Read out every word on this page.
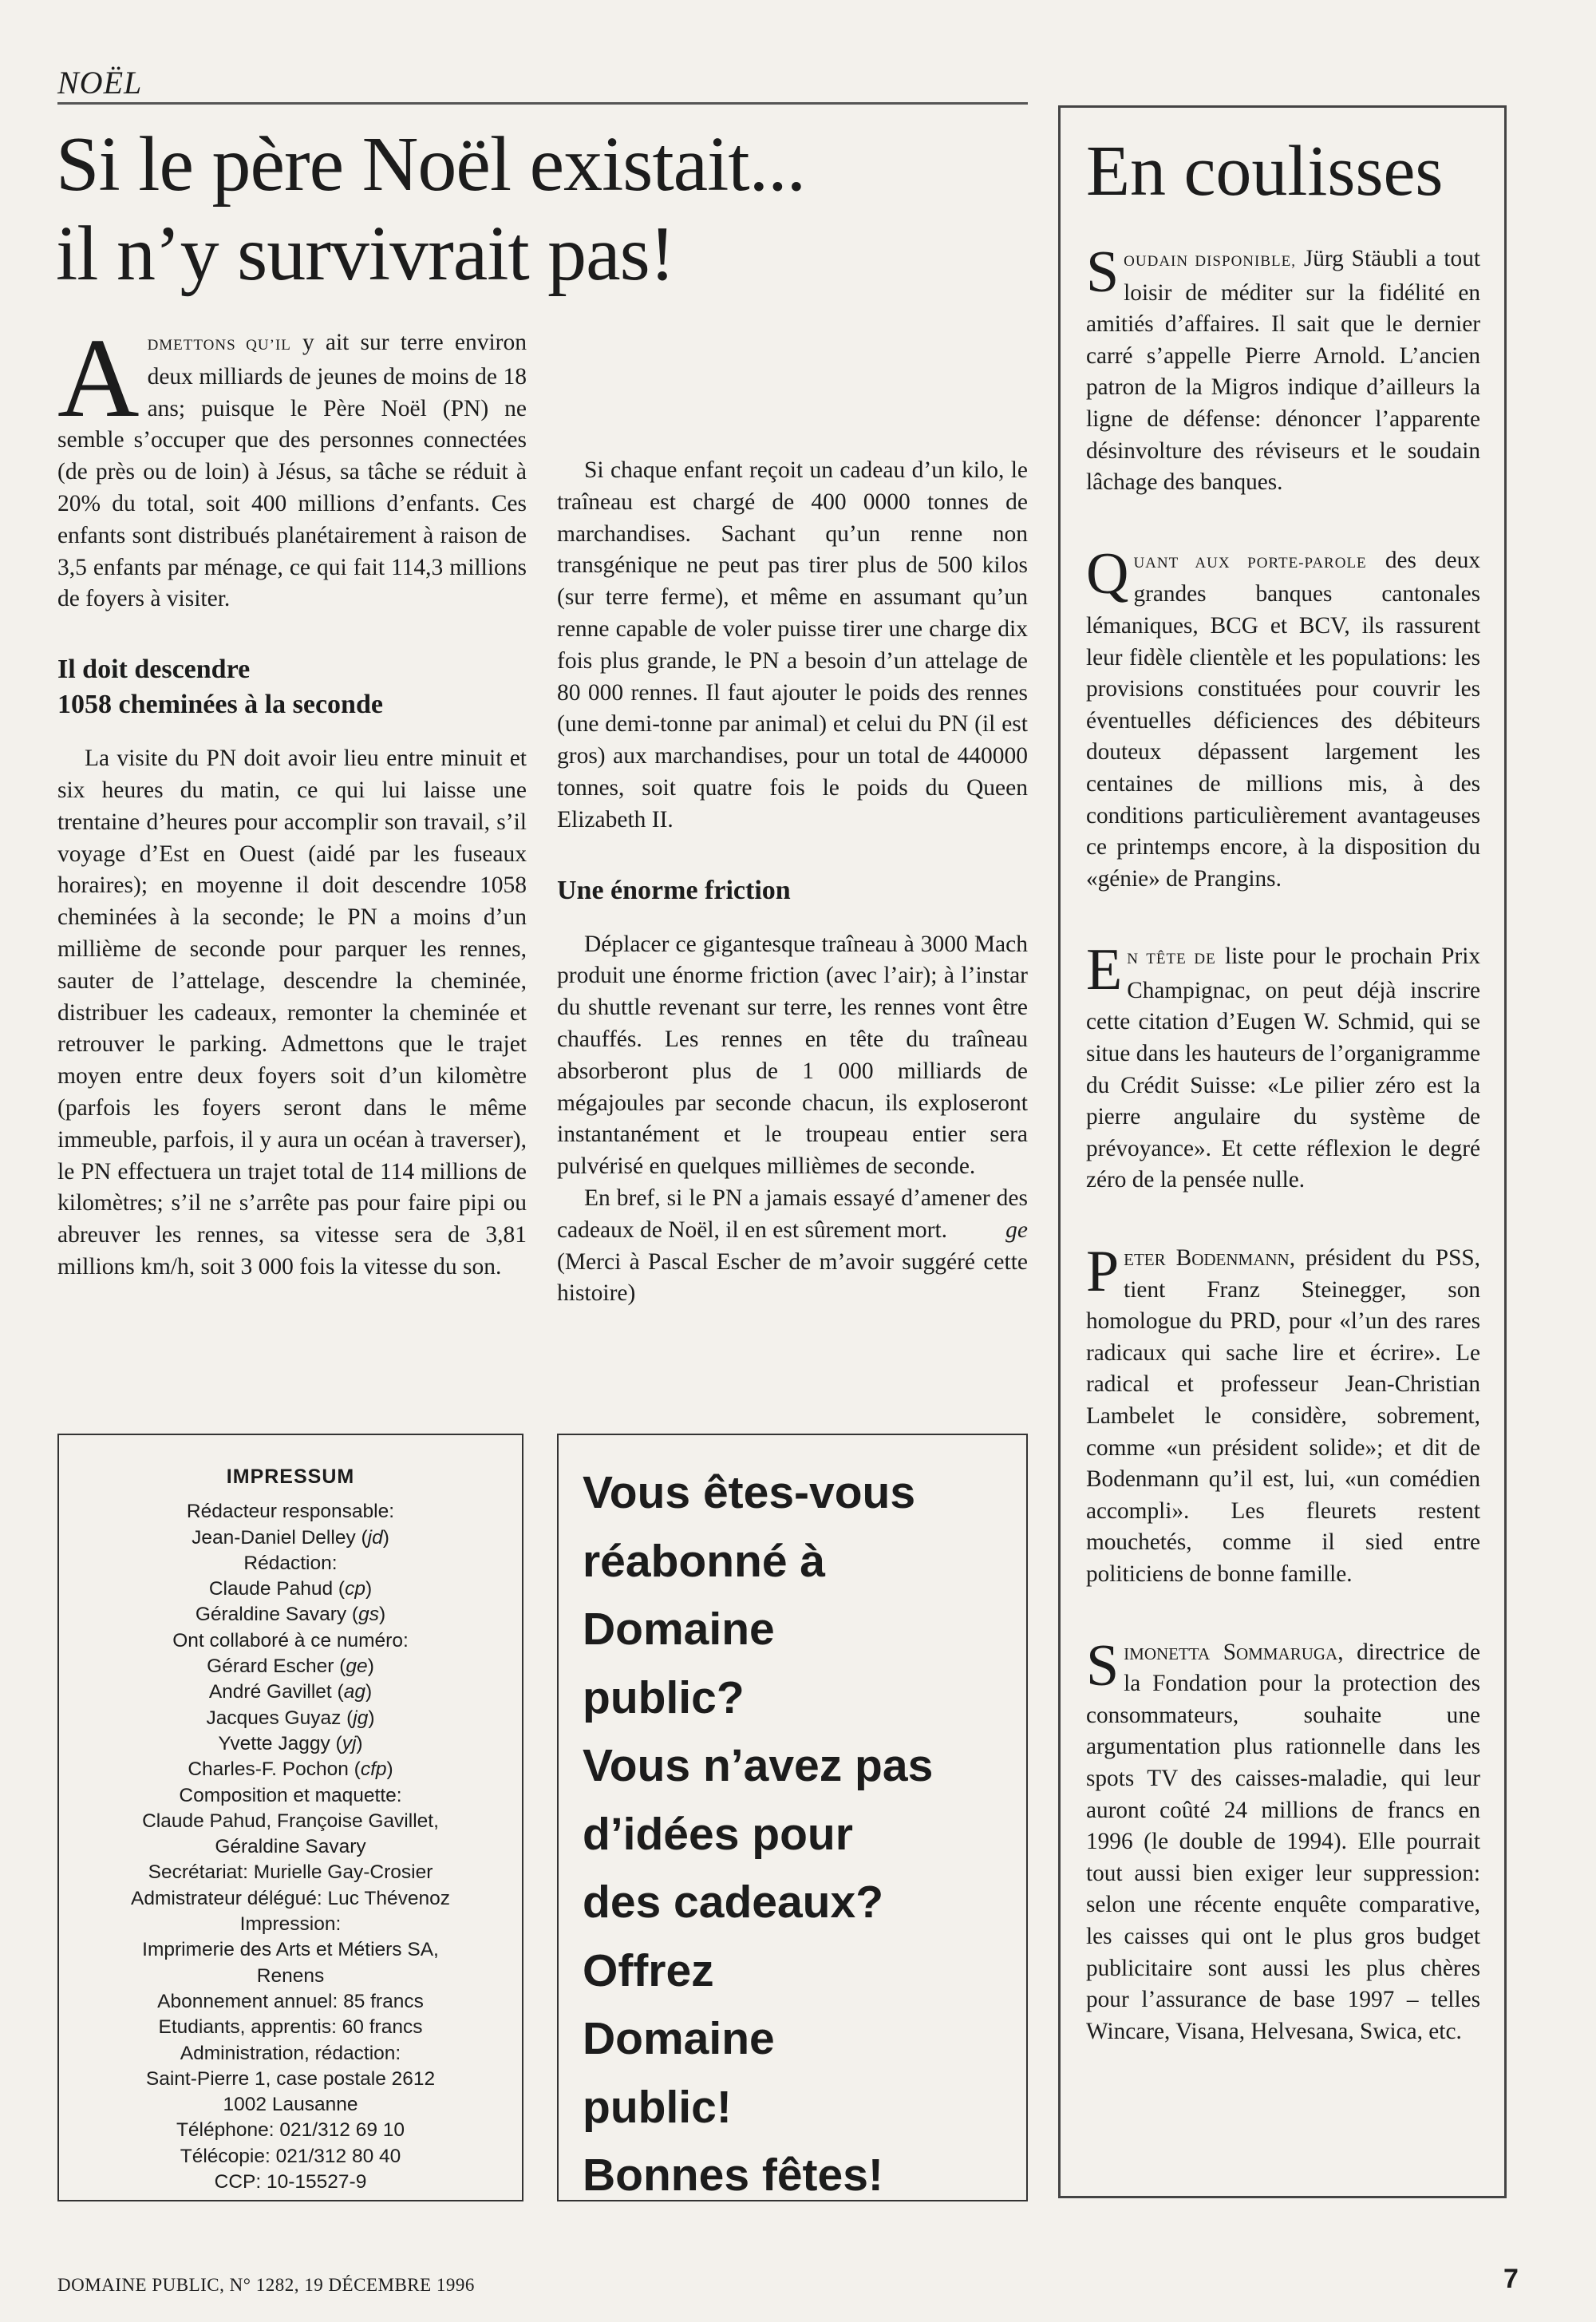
NOËL
Si le père Noël existait...
il n’y survivrait pas!

ADMETTONS QU’IL y ait sur terre environ deux milliards de jeunes de moins de 18 ans; puisque le Père Noël (PN) ne semble s’occuper que des personnes connectées (de près ou de loin) à Jésus, sa tâche se réduit à 20% du total, soit 400 millions d’enfants. Ces enfants sont distribués planétairement à raison de 3,5 enfants par ménage, ce qui fait 114,3 millions de foyers à visiter.

Il doit descendre
1058 cheminées à la seconde

La visite du PN doit avoir lieu entre minuit et six heures du matin, ce qui lui laisse une trentaine d’heures pour accomplir son travail, s’il voyage d’Est en Ouest (aidé par les fuseaux horaires); en moyenne il doit descendre 1058 cheminées à la seconde; le PN a moins d’un millième de seconde pour parquer les rennes, sauter de l’attelage, descendre la cheminée, distribuer les cadeaux, remonter la cheminée et retrouver le parking. Admettons que le trajet moyen entre deux foyers soit d’un kilomètre (parfois les foyers seront dans le même immeuble, parfois, il y aura un océan à traverser), le PN effectuera un trajet total de 114 millions de kilomètres; s’il ne s’arrête pas pour faire pipi ou abreuver les rennes, sa vitesse sera de 3,81 millions km/h, soit 3 000 fois la vitesse du son.

Si chaque enfant reçoit un cadeau d’un kilo, le traîneau est chargé de 400 0000 tonnes de marchandises. Sachant qu’un renne non transgénique ne peut pas tirer plus de 500 kilos (sur terre ferme), et même en assumant qu’un renne capable de voler puisse tirer une charge dix fois plus grande, le PN a besoin d’un attelage de 80 000 rennes. Il faut ajouter le poids des rennes (une demi-tonne par animal) et celui du PN (il est gros) aux marchandises, pour un total de 440000 tonnes, soit quatre fois le poids du Queen Elizabeth II.

Une énorme friction

Déplacer ce gigantesque traîneau à 3000 Mach produit une énorme friction (avec l’air); à l’instar du shuttle revenant sur terre, les rennes vont être chauffés. Les rennes en tête du traîneau absorberont plus de 1 000 milliards de mégajoules par seconde chacun, ils exploseront instantanément et le troupeau entier sera pulvérisé en quelques millièmes de seconde.

En bref, si le PN a jamais essayé d’amener des cadeaux de Noël, il en est sûrement mort.	ge

(Merci à Pascal Escher de m’avoir suggéré cette histoire)

IMPRESSUM
Rédacteur responsable:
Jean-Daniel Delley (jd)
Rédaction:
Claude Pahud (cp)
Géraldine Savary (gs)
Ont collaboré à ce numéro:
Gérard Escher (ge)
André Gavillet (ag)
Jacques Guyaz (jg)
Yvette Jaggy (yj)
Charles-F. Pochon (cfp)
Composition et maquette:
Claude Pahud, Françoise Gavillet,
Géraldine Savary
Secrétariat: Murielle Gay-Crosier
Admistrateur délégué: Luc Thévenoz
Impression:
Imprimerie des Arts et Métiers SA,
Renens
Abonnement annuel: 85 francs
Etudiants, apprentis: 60 francs
Administration, rédaction:
Saint-Pierre 1, case postale 2612
1002 Lausanne
Téléphone: 021/312 69 10
Télécopie: 021/312 80 40
CCP: 10-15527-9
Vous êtes-vous
réabonné à
Domaine
public?
Vous n’avez pas
d’idées pour
des cadeaux?
Offrez
Domaine
public!
Bonnes fêtes!
En coulisses
SOUDAIN DISPONIBLE, Jürg Stäubli a tout loisir de méditer sur la fidélité en amitiés d’affaires. Il sait que le dernier carré s’appelle Pierre Arnold. L’ancien patron de la Migros indique d’ailleurs la ligne de défense: dénoncer l’apparente désinvolture des réviseurs et le soudain lâchage des banques.
QUANT AUX PORTE-PAROLE des deux grandes banques cantonales lémaniques, BCG et BCV, ils rassurent leur fidèle clientèle et les populations: les provisions constituées pour couvrir les éventuelles déficiences des débiteurs douteux dépassent largement les centaines de millions mis, à des conditions particulièrement avantageuses ce printemps encore, à la disposition du «génie» de Prangins.
EN TÊTE DE liste pour le prochain Prix Champignac, on peut déjà inscrire cette citation d’Eugen W. Schmid, qui se situe dans les hauteurs de l’organigramme du Crédit Suisse: «Le pilier zéro est la pierre angulaire du système de prévoyance». Et cette réflexion le degré zéro de la pensée nulle.
Peter Bodenmann, président du PSS, tient Franz Steinegger, son homologue du PRD, pour «l’un des rares radicaux qui sache lire et écrire». Le radical et professeur Jean-Christian Lambelet le considère, sobrement, comme «un président solide»; et dit de Bodenmann qu’il est, lui, «un comédien accompli». Les fleurets restent mouchetés, comme il sied entre politiciens de bonne famille.
Simonetta Sommaruga, directrice de la Fondation pour la protection des consommateurs, souhaite une argumentation plus rationnelle dans les spots TV des caisses-maladie, qui leur auront coûté 24 millions de francs en 1996 (le double de 1994). Elle pourrait tout aussi bien exiger leur suppression: selon une récente enquête comparative, les caisses qui ont le plus gros budget publicitaire sont aussi les plus chères pour l’assurance de base 1997 – telles Wincare, Visana, Helvesana, Swica, etc.
DOMAINE PUBLIC, N° 1282, 19 DÉCEMBRE 1996	7
